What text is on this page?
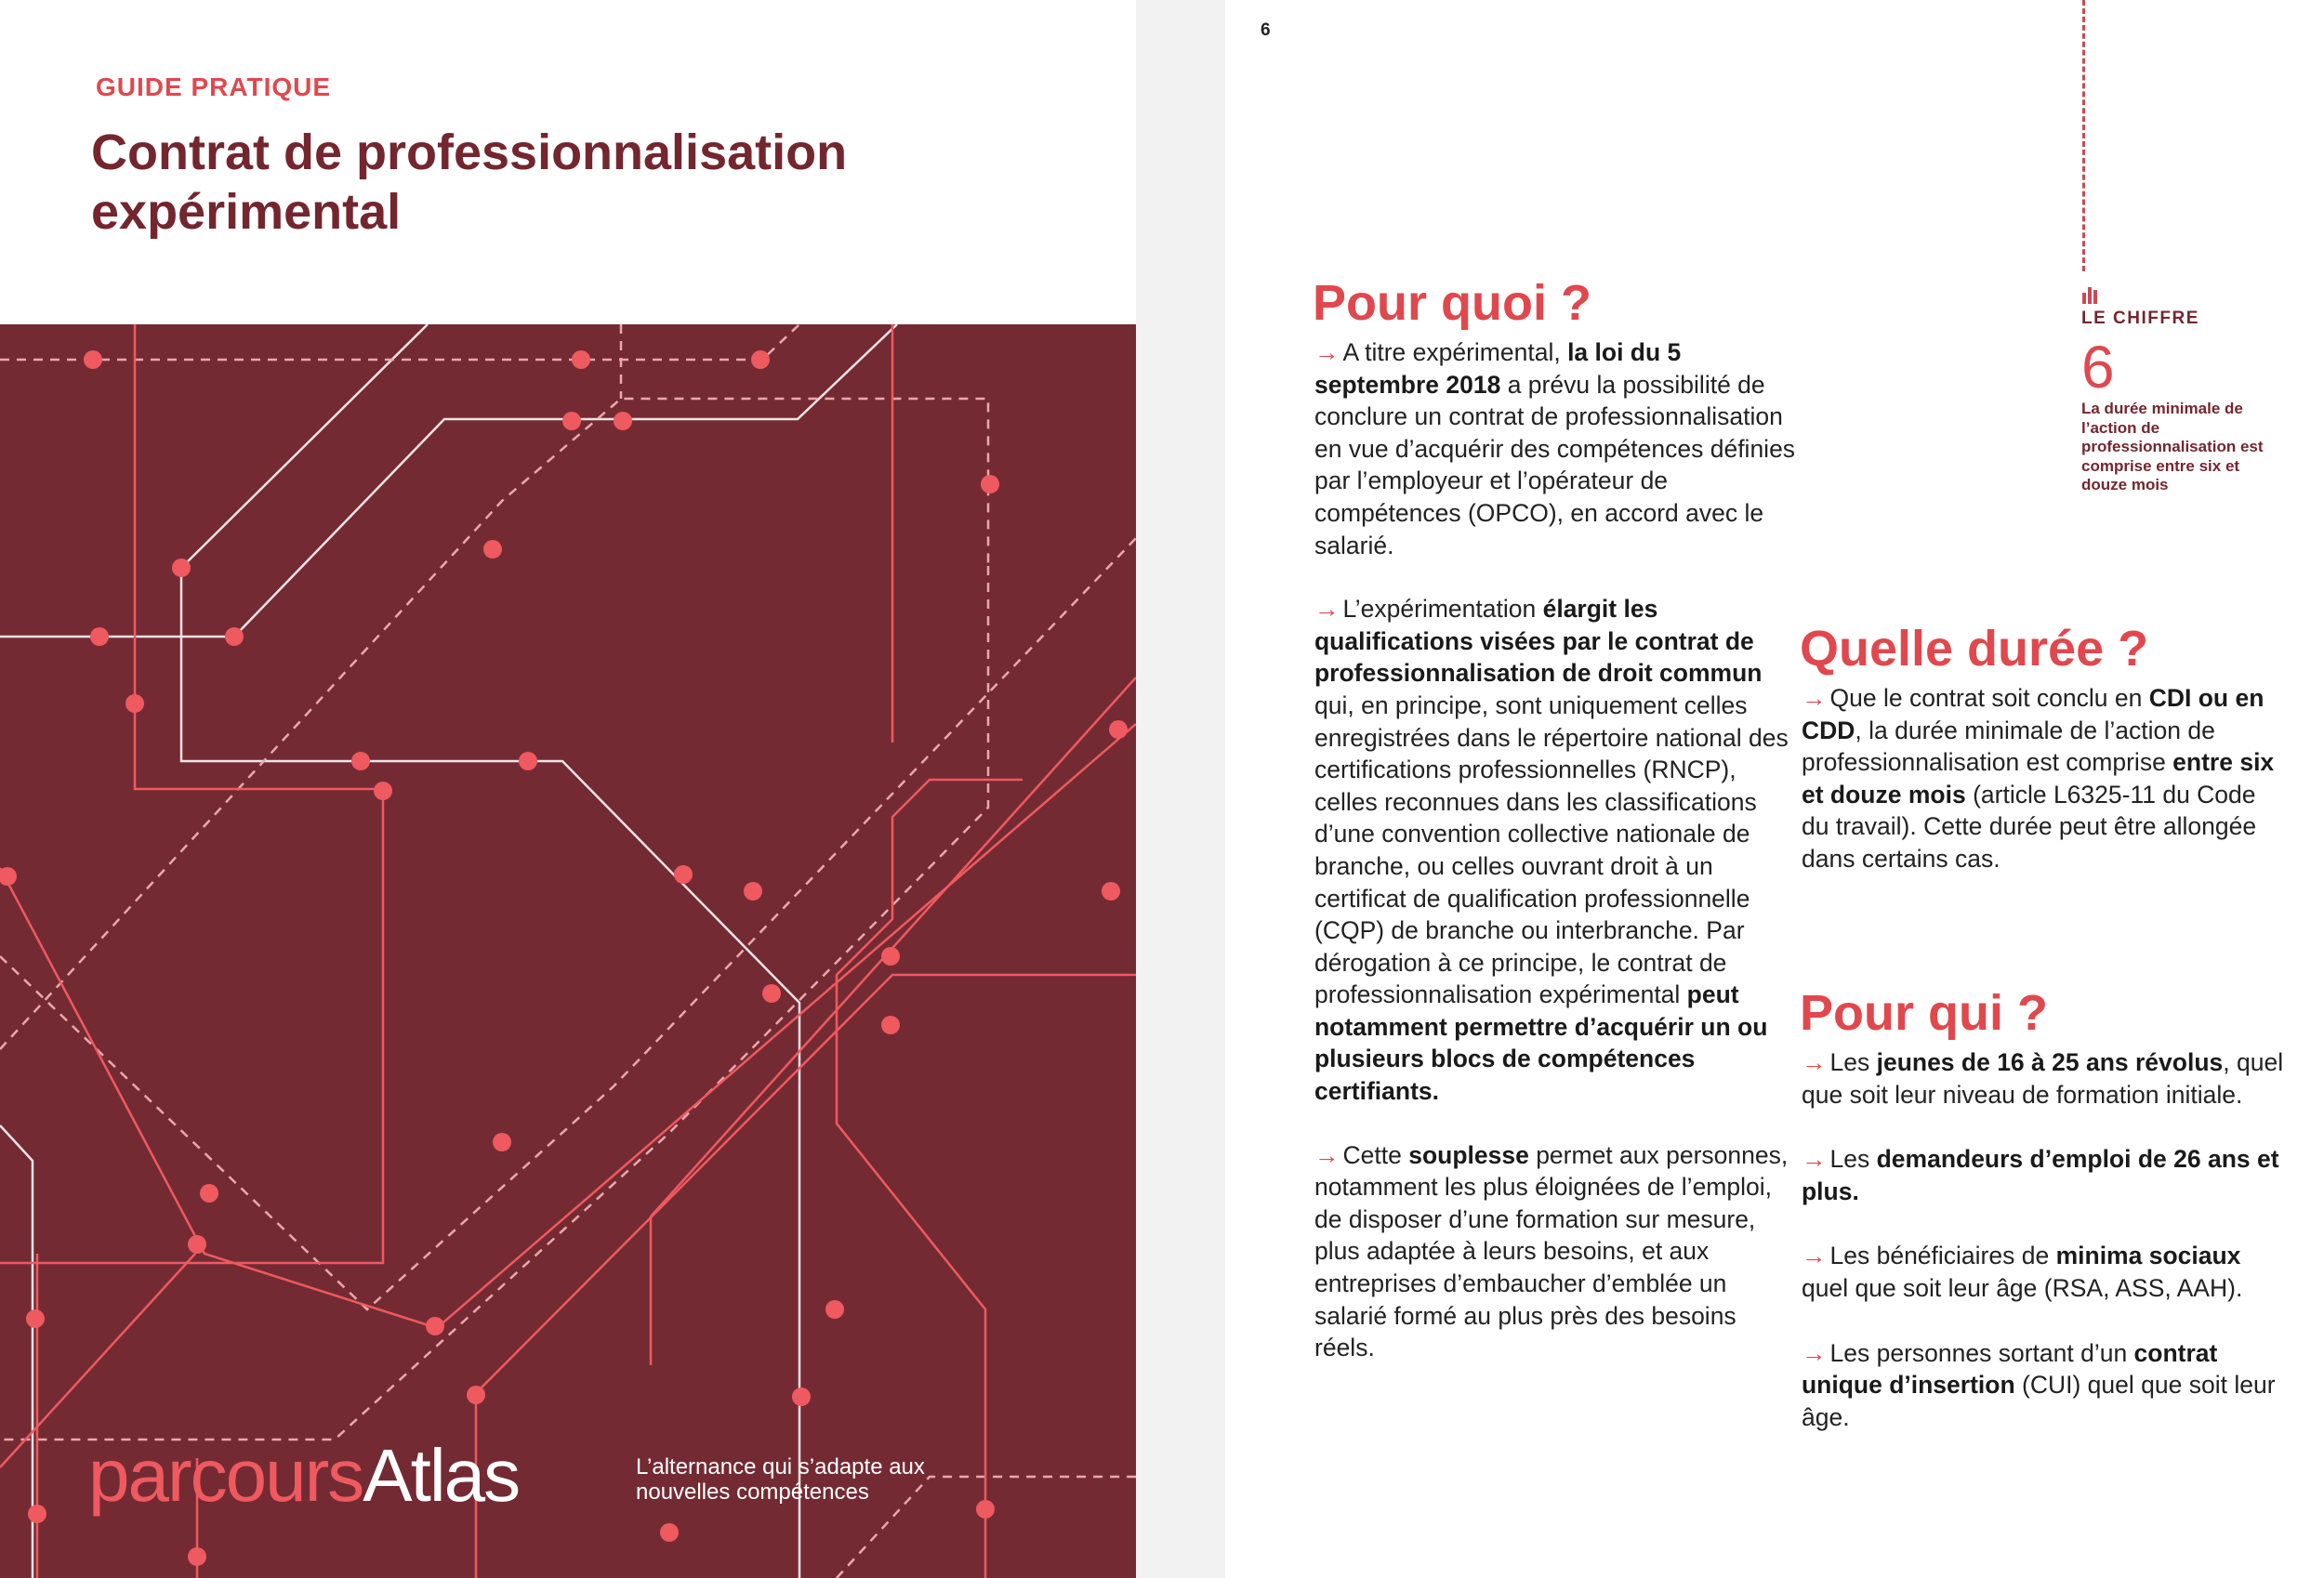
GUIDE PRATIQUE
Contrat de professionnalisation expérimental
parcoursAtlas	L’alternance qui s’adapte aux nouvelles compétences
6
Pour quoi ?

→ A titre expérimental, la loi du 5 septembre 2018 a prévu la possibilité de conclure un contrat de professionnalisation en vue d’acquérir des compétences définies par l’employeur et l’opérateur de compétences (OPCO), en accord avec le salarié.

→ L’expérimentation élargit les qualifications visées par le contrat de professionnalisation de droit commun qui, en principe, sont uniquement celles enregistrées dans le répertoire national des certifications professionnelles (RNCP), celles reconnues dans les classifications d’une convention collective nationale de branche, ou celles ouvrant droit à un certificat de qualification professionnelle (CQP) de branche ou interbranche. Par dérogation à ce principe, le contrat de professionnalisation expérimental peut notamment permettre d’acquérir un ou plusieurs blocs de compétences certifiants.

→ Cette souplesse permet aux personnes, notamment les plus éloignées de l’emploi, de disposer d’une formation sur mesure, plus adaptée à leurs besoins, et aux entreprises d’embaucher d’emblée un salarié formé au plus près des besoins réels.

Quelle durée ?

→ Que le contrat soit conclu en CDI ou en CDD, la durée minimale de l’action de professionnalisation est comprise entre six et douze mois (article L6325-11 du Code du travail). Cette durée peut être allongée dans certains cas.

Pour qui ?

→ Les jeunes de 16 à 25 ans révolus, quel que soit leur niveau de formation initiale.

→ Les demandeurs d’emploi de 26 ans et plus.

→ Les bénéficiaires de minima sociaux quel que soit leur âge (RSA, ASS, AAH).

→ Les personnes sortant d’un contrat unique d’insertion (CUI) quel que soit leur âge.

LE CHIFFRE
6
La durée minimale de l’action de professionnalisation est comprise entre six et douze mois
